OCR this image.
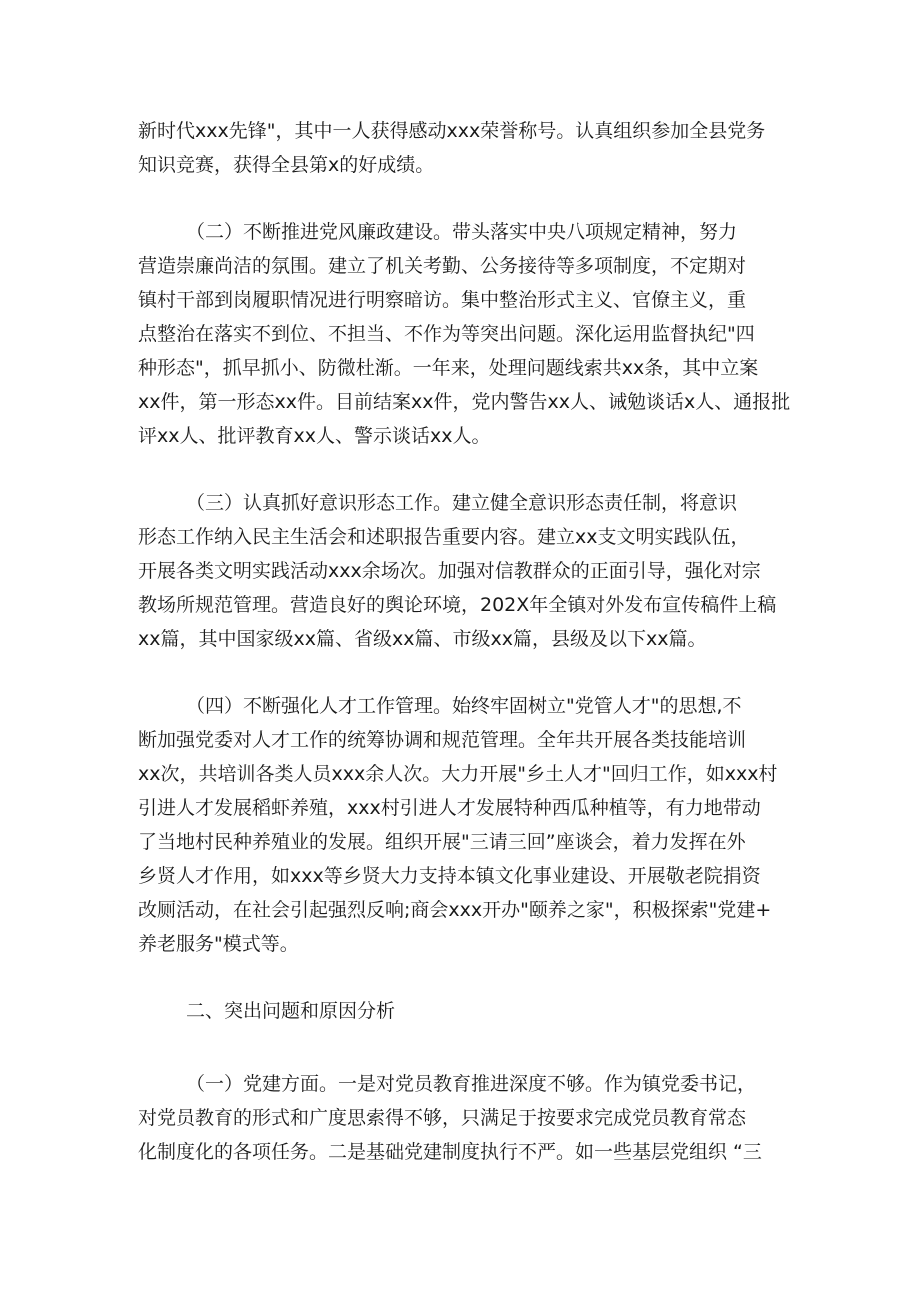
新时代xxx先锋"，其中一人获得感动xxx荣誉称号。认真组织参加全县党务
知识竞赛，获得全县第x的好成绩。
（二）不断推进党风廉政建设。带头落实中央八项规定精神，努力
营造崇廉尚洁的氛围。建立了机关考勤、公务接待等多项制度，不定期对
镇村干部到岗履职情况进行明察暗访。集中整治形式主义、官僚主义，重
点整治在落实不到位、不担当、不作为等突出问题。深化运用监督执纪"四
种形态"，抓早抓小、防微杜渐。一年来，处理问题线索共xx条，其中立案
xx件，第一形态xx件。目前结案xx件，党内警告xx人、诫勉谈话x人、通报批
评xx人、批评教育xx人、警示谈话xx人。
（三）认真抓好意识形态工作。建立健全意识形态责任制，将意识
形态工作纳入民主生活会和述职报告重要内容。建立xx支文明实践队伍，
开展各类文明实践活动xxx余场次。加强对信教群众的正面引导，强化对宗
教场所规范管理。营造良好的舆论环境，202X年全镇对外发布宣传稿件上稿
xx篇，其中国家级xx篇、省级xx篇、市级xx篇，县级及以下xx篇。
（四）不断强化人才工作管理。始终牢固树立"党管人才"的思想,不
断加强党委对人才工作的统筹协调和规范管理。全年共开展各类技能培训
xx次，共培训各类人员xxx余人次。大力开展"乡土人才"回归工作，如xxx村
引进人才发展稻虾养殖，xxx村引进人才发展特种西瓜种植等，有力地带动
了当地村民种养殖业的发展。组织开展"三请三回”座谈会，着力发挥在外
乡贤人才作用，如xxx等乡贤大力支持本镇文化事业建设、开展敬老院捐资
改厕活动，在社会引起强烈反响;商会xxx开办"颐养之家"，积极探索"党建+
养老服务"模式等。
二、突出问题和原因分析
（一）党建方面。一是对党员教育推进深度不够。作为镇党委书记，
对党员教育的形式和广度思索得不够，只满足于按要求完成党员教育常态
化制度化的各项任务。二是基础党建制度执行不严。如一些基层党组织 “三
